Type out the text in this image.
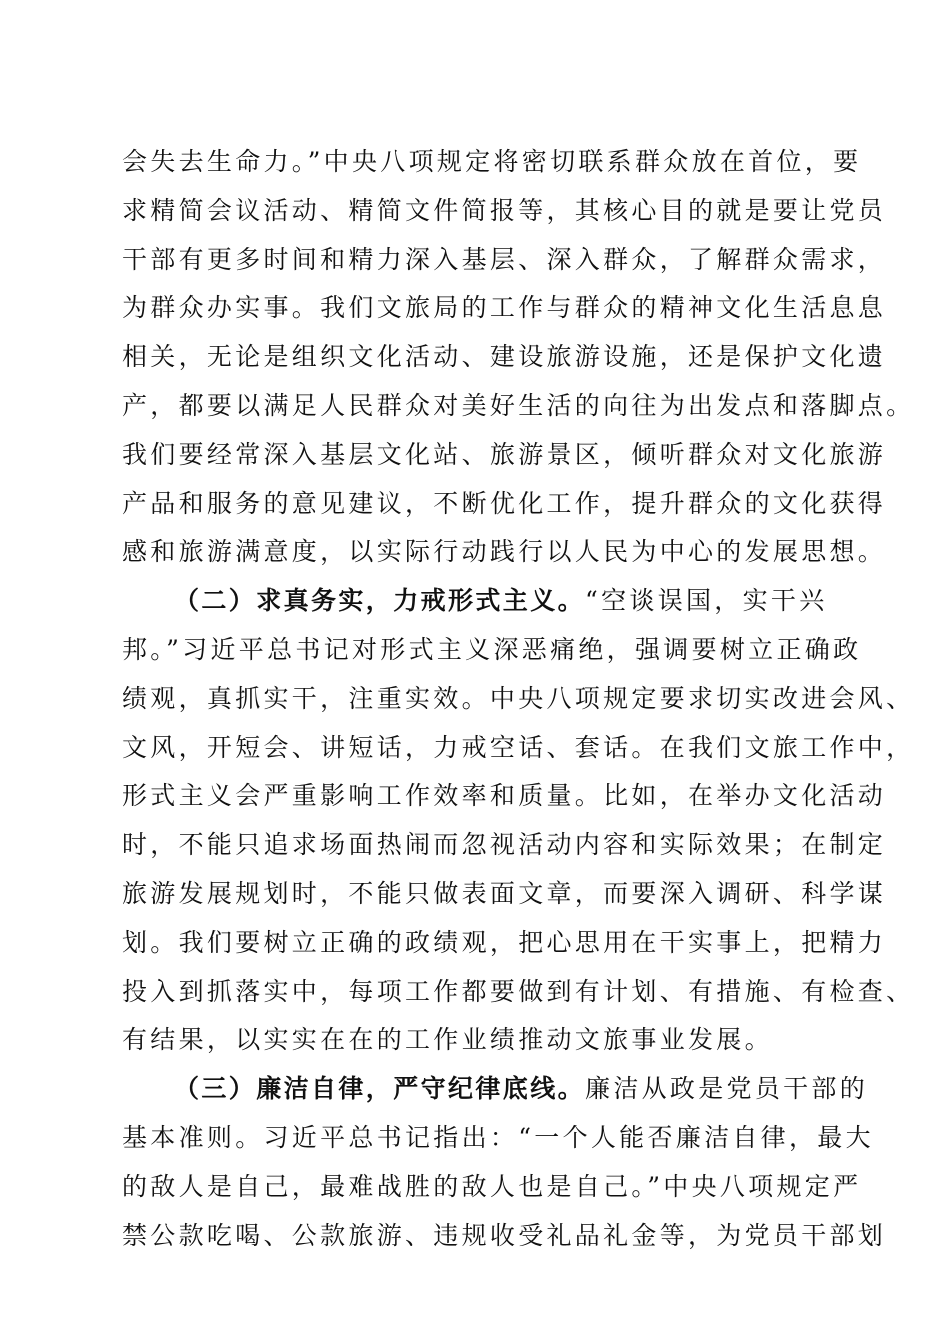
会失去生命力。”中央八项规定将密切联系群众放在首位，要
求精简会议活动、精简文件简报等，其核心目的就是要让党员
干部有更多时间和精力深入基层、深入群众，了解群众需求，
为群众办实事。我们文旅局的工作与群众的精神文化生活息息
相关，无论是组织文化活动、建设旅游设施，还是保护文化遗
产，都要以满足人民群众对美好生活的向往为出发点和落脚点。
我们要经常深入基层文化站、旅游景区，倾听群众对文化旅游
产品和服务的意见建议，不断优化工作，提升群众的文化获得
感和旅游满意度，以实际行动践行以人民为中心的发展思想。
（二）求真务实，力戒形式主义。“空谈误国，实干兴
邦。”习近平总书记对形式主义深恶痛绝，强调要树立正确政
绩观，真抓实干，注重实效。中央八项规定要求切实改进会风、
文风，开短会、讲短话，力戒空话、套话。在我们文旅工作中，
形式主义会严重影响工作效率和质量。比如，在举办文化活动
时，不能只追求场面热闹而忽视活动内容和实际效果；在制定
旅游发展规划时，不能只做表面文章，而要深入调研、科学谋
划。我们要树立正确的政绩观，把心思用在干实事上，把精力
投入到抓落实中，每项工作都要做到有计划、有措施、有检查、
有结果，以实实在在的工作业绩推动文旅事业发展。
（三）廉洁自律，严守纪律底线。廉洁从政是党员干部的
基本准则。习近平总书记指出：“一个人能否廉洁自律，最大
的敌人是自己，最难战胜的敌人也是自己。”中央八项规定严
禁公款吃喝、公款旅游、违规收受礼品礼金等，为党员干部划
